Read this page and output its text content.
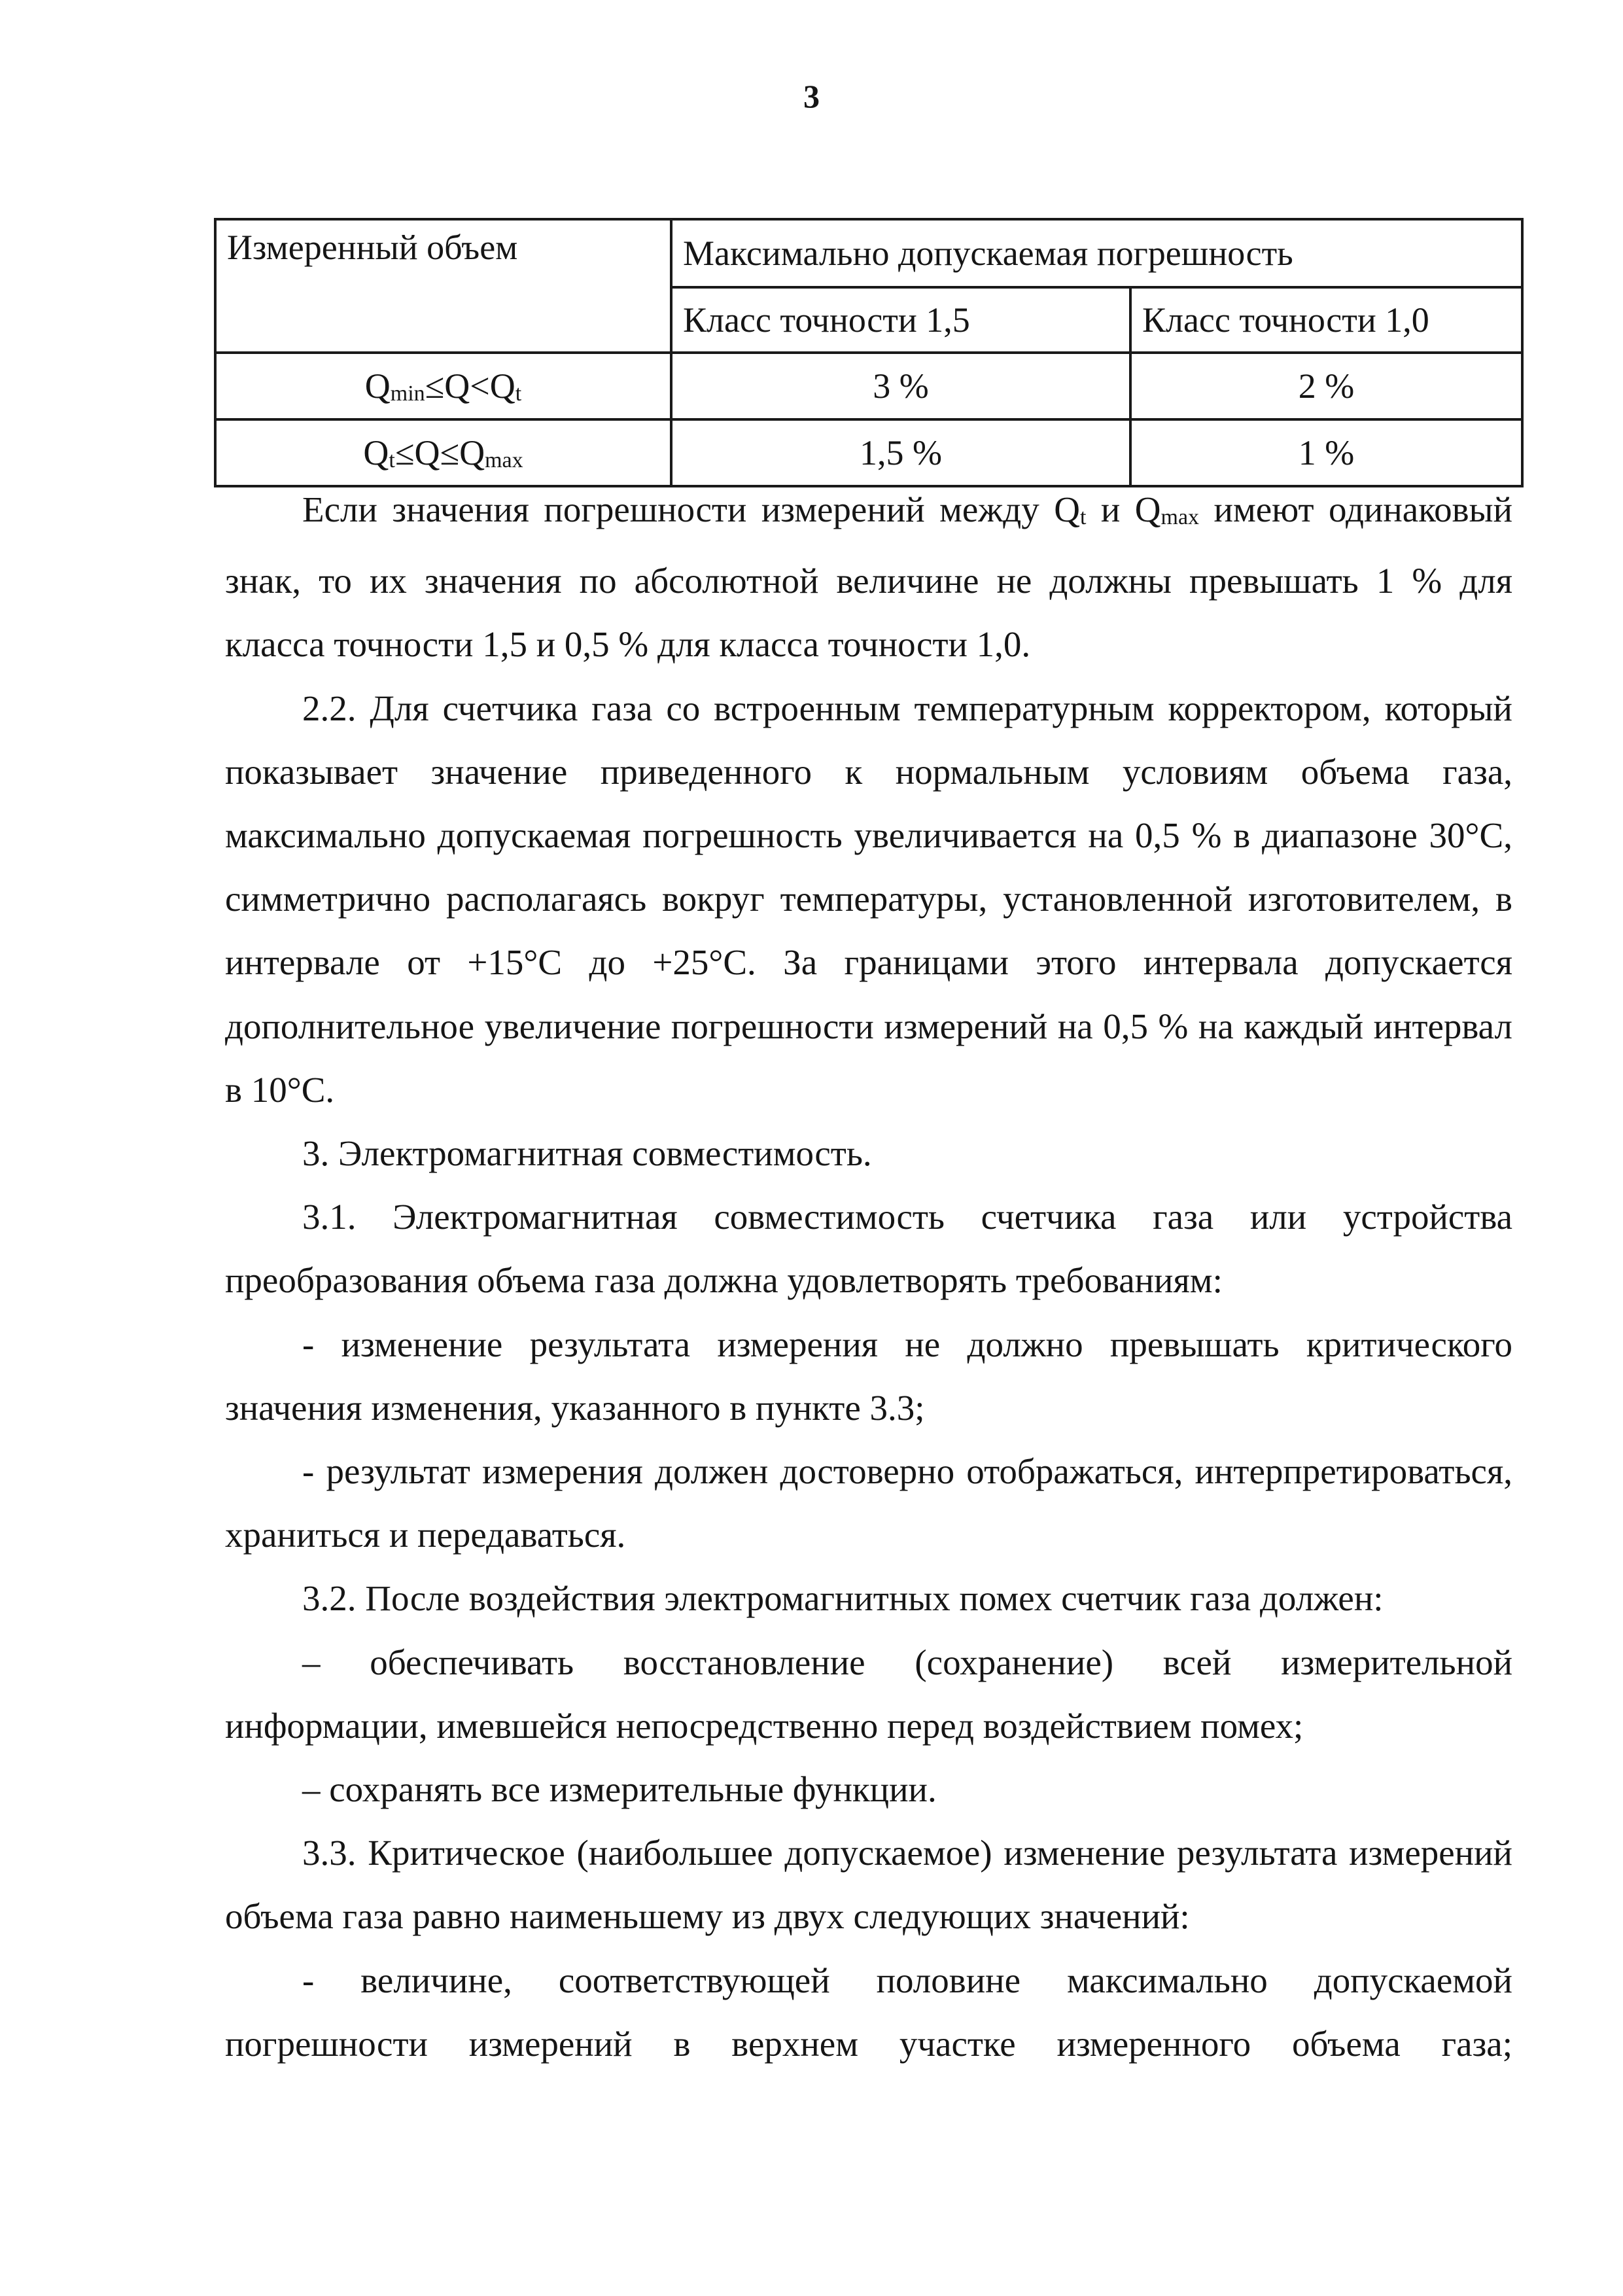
3
Измеренный объем	Максимально допускаемая погрешность	
	Класс точности 1,5	Класс точности 1,0
Qmin≤Q<Qt	3 %	2 %
Qt≤Q≤Qmax	1,5 %	1 %

Если значения погрешности измерений между Qt и Qmax имеют одинаковый знак, то их значения по абсолютной величине не должны превышать 1 % для класса точности 1,5 и 0,5 % для класса точности 1,0.

2.2. Для счетчика газа со встроенным температурным корректором, который показывает значение приведенного к нормальным условиям объема газа, максимально допускаемая погрешность увеличивается на 0,5 % в диапазоне 30°С, симметрично располагаясь вокруг температуры, установленной изготовителем, в интервале от +15°С до +25°С. За границами этого интервала допускается дополнительное увеличение погрешности измерений на 0,5 % на каждый интервал в 10°С.

3. Электромагнитная совместимость.

3.1. Электромагнитная совместимость счетчика газа или устройства преобразования объема газа должна удовлетворять требованиям:

- изменение результата измерения не должно превышать критического значения изменения, указанного в пункте 3.3;

- результат измерения должен достоверно отображаться, интерпретироваться, храниться и передаваться.

3.2. После воздействия электромагнитных помех счетчик газа должен:

– обеспечивать восстановление (сохранение) всей измерительной информации, имевшейся непосредственно перед воздействием помех;

– сохранять все измерительные функции.

3.3. Критическое (наибольшее допускаемое) изменение результата измерений объема газа равно наименьшему из двух следующих значений:

- величине, соответствующей половине максимально допускаемой погрешности измерений в верхнем участке измеренного объема газа;
